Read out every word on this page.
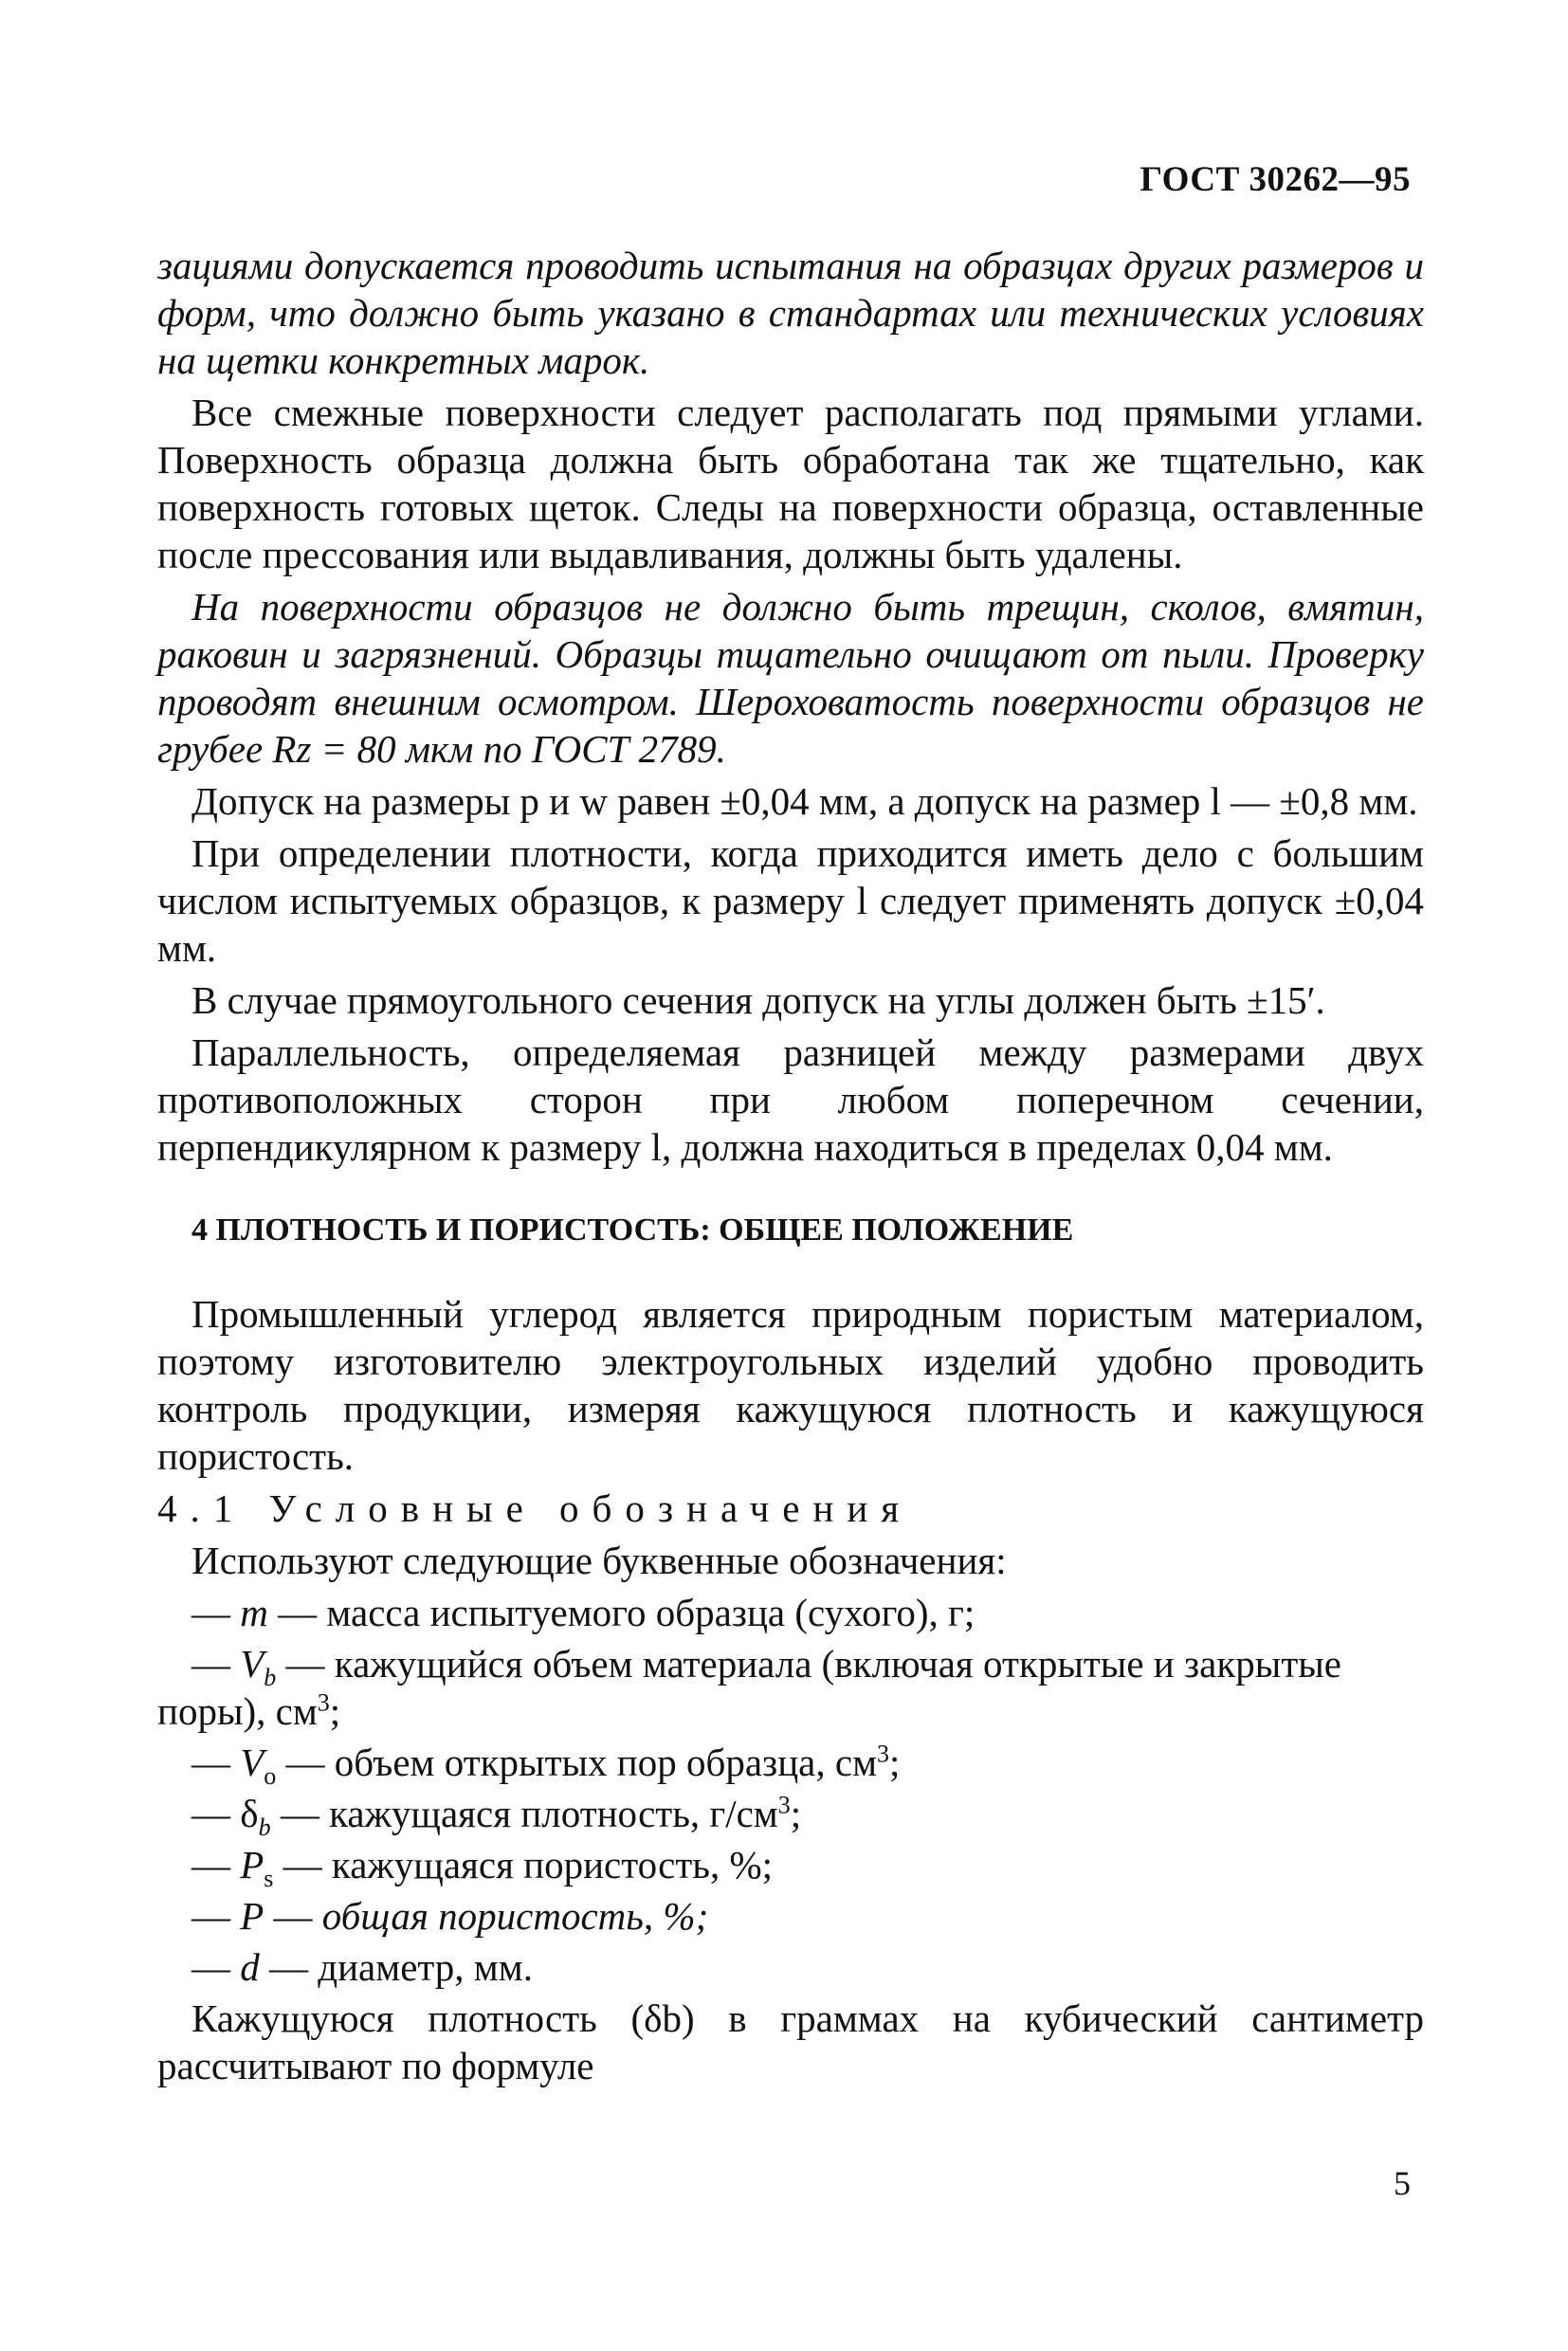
ГОСТ 30262—95

зациями допускается проводить испытания на образцах других размеров и форм, что должно быть указано в стандартах или технических условиях на щетки конкретных марок.

Все смежные поверхности следует располагать под прямыми углами. Поверхность образца должна быть обработана так же тщательно, как поверхность готовых щеток. Следы на поверхности образца, оставленные после прессования или выдавливания, должны быть удалены.

На поверхности образцов не должно быть трещин, сколов, вмятин, раковин и загрязнений. Образцы тщательно очищают от пыли. Проверку проводят внешним осмотром. Шероховатость поверхности образцов не грубее Rz = 80 мкм по ГОСТ 2789.

Допуск на размеры p и w равен ±0,04 мм, а допуск на размер l — ±0,8 мм.

При определении плотности, когда приходится иметь дело с большим числом испытуемых образцов, к размеру l следует применять допуск ±0,04 мм.

В случае прямоугольного сечения допуск на углы должен быть ±15′.

Параллельность, определяемая разницей между размерами двух противоположных сторон при любом поперечном сечении, перпендикулярном к размеру l, должна находиться в пределах 0,04 мм.

4 ПЛОТНОСТЬ И ПОРИСТОСТЬ: ОБЩЕЕ ПОЛОЖЕНИЕ

Промышленный углерод является природным пористым материалом, поэтому изготовителю электроугольных изделий удобно проводить контроль продукции, измеряя кажущуюся плотность и кажущуюся пористость.

4.1 Условные обозначения

Используют следующие буквенные обозначения:

— m — масса испытуемого образца (сухого), г;

— $V_b$ — кажущийся объем материала (включая открытые и закрытые поры), $см^3$;

— $V_o$ — объем открытых пор образца, $см^3$;

— $\delta_b$ — кажущаяся плотность, $г/см^3$;

— $P_s$ — кажущаяся пористость, %;

— P — общая пористость, %;

— d — диаметр, мм.

Кажущуюся плотность (δb) в граммах на кубический сантиметр рассчитывают по формуле

5
